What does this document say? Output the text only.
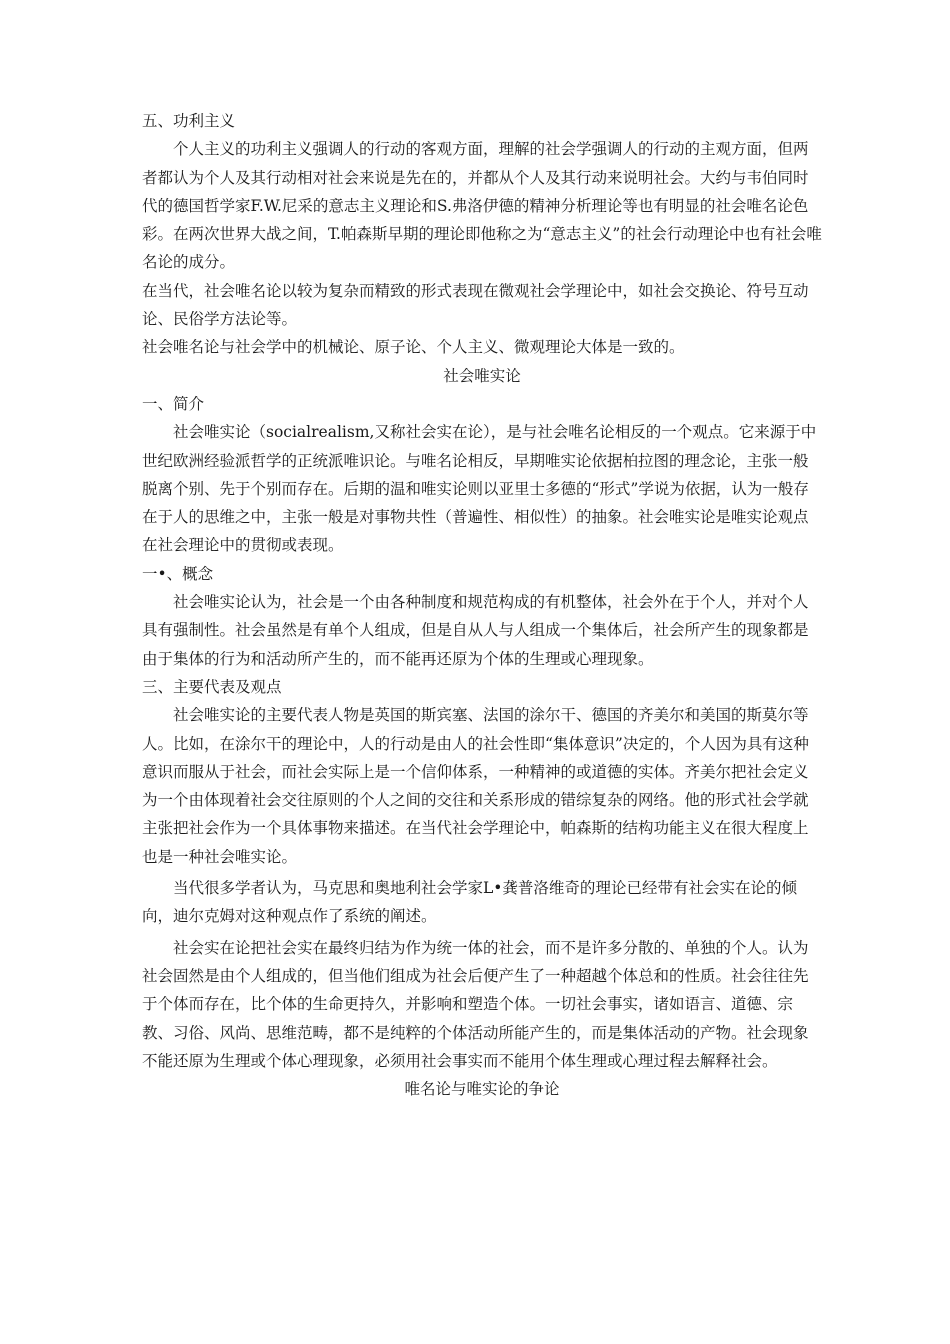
五、功利主义

个人主义的功利主义强调人的行动的客观方面，理解的社会学强调人的行动的主观方面，但两者都认为个人及其行动相对社会来说是先在的，并都从个人及其行动来说明社会。大约与韦伯同时代的德国哲学家F.W.尼采的意志主义理论和S.弗洛伊德的精神分析理论等也有明显的社会唯名论色彩。在两次世界大战之间，T.帕森斯早期的理论即他称之为“意志主义”的社会行动理论中也有社会唯名论的成分。

在当代，社会唯名论以较为复杂而精致的形式表现在微观社会学理论中，如社会交换论、符号互动论、民俗学方法论等。

社会唯名论与社会学中的机械论、原子论、个人主义、微观理论大体是一致的。

社会唯实论

一、简介

社会唯实论（socialrealism,又称社会实在论），是与社会唯名论相反的一个观点。它来源于中世纪欧洲经验派哲学的正统派唯识论。与唯名论相反，早期唯实论依据柏拉图的理念论，主张一般脱离个别、先于个别而存在。后期的温和唯实论则以亚里士多德的“形式”学说为依据，认为一般存在于人的思维之中，主张一般是对事物共性（普遍性、相似性）的抽象。社会唯实论是唯实论观点在社会理论中的贯彻或表现。

一•、概念

社会唯实论认为，社会是一个由各种制度和规范构成的有机整体，社会外在于个人，并对个人具有强制性。社会虽然是有单个人组成，但是自从人与人组成一个集体后，社会所产生的现象都是由于集体的行为和活动所产生的，而不能再还原为个体的生理或心理现象。

三、主要代表及观点

社会唯实论的主要代表人物是英国的斯宾塞、法国的涂尔干、德国的齐美尔和美国的斯莫尔等人。比如，在涂尔干的理论中，人的行动是由人的社会性即“集体意识”决定的，个人因为具有这种意识而服从于社会，而社会实际上是一个信仰体系，一种精神的或道德的实体。齐美尔把社会定义为一个由体现着社会交往原则的个人之间的交往和关系形成的错综复杂的网络。他的形式社会学就主张把社会作为一个具体事物来描述。在当代社会学理论中，帕森斯的结构功能主义在很大程度上也是一种社会唯实论。

当代很多学者认为，马克思和奥地利社会学家L•龚普洛维奇的理论已经带有社会实在论的倾向，迪尔克姆对这种观点作了系统的阐述。

社会实在论把社会实在最终归结为作为统一体的社会，而不是许多分散的、单独的个人。认为社会固然是由个人组成的，但当他们组成为社会后便产生了一种超越个体总和的性质。社会往往先于个体而存在，比个体的生命更持久，并影响和塑造个体。一切社会事实，诸如语言、道德、宗教、习俗、风尚、思维范畴，都不是纯粹的个体活动所能产生的，而是集体活动的产物。社会现象不能还原为生理或个体心理现象，必须用社会事实而不能用个体生理或心理过程去解释社会。

唯名论与唯实论的争论
